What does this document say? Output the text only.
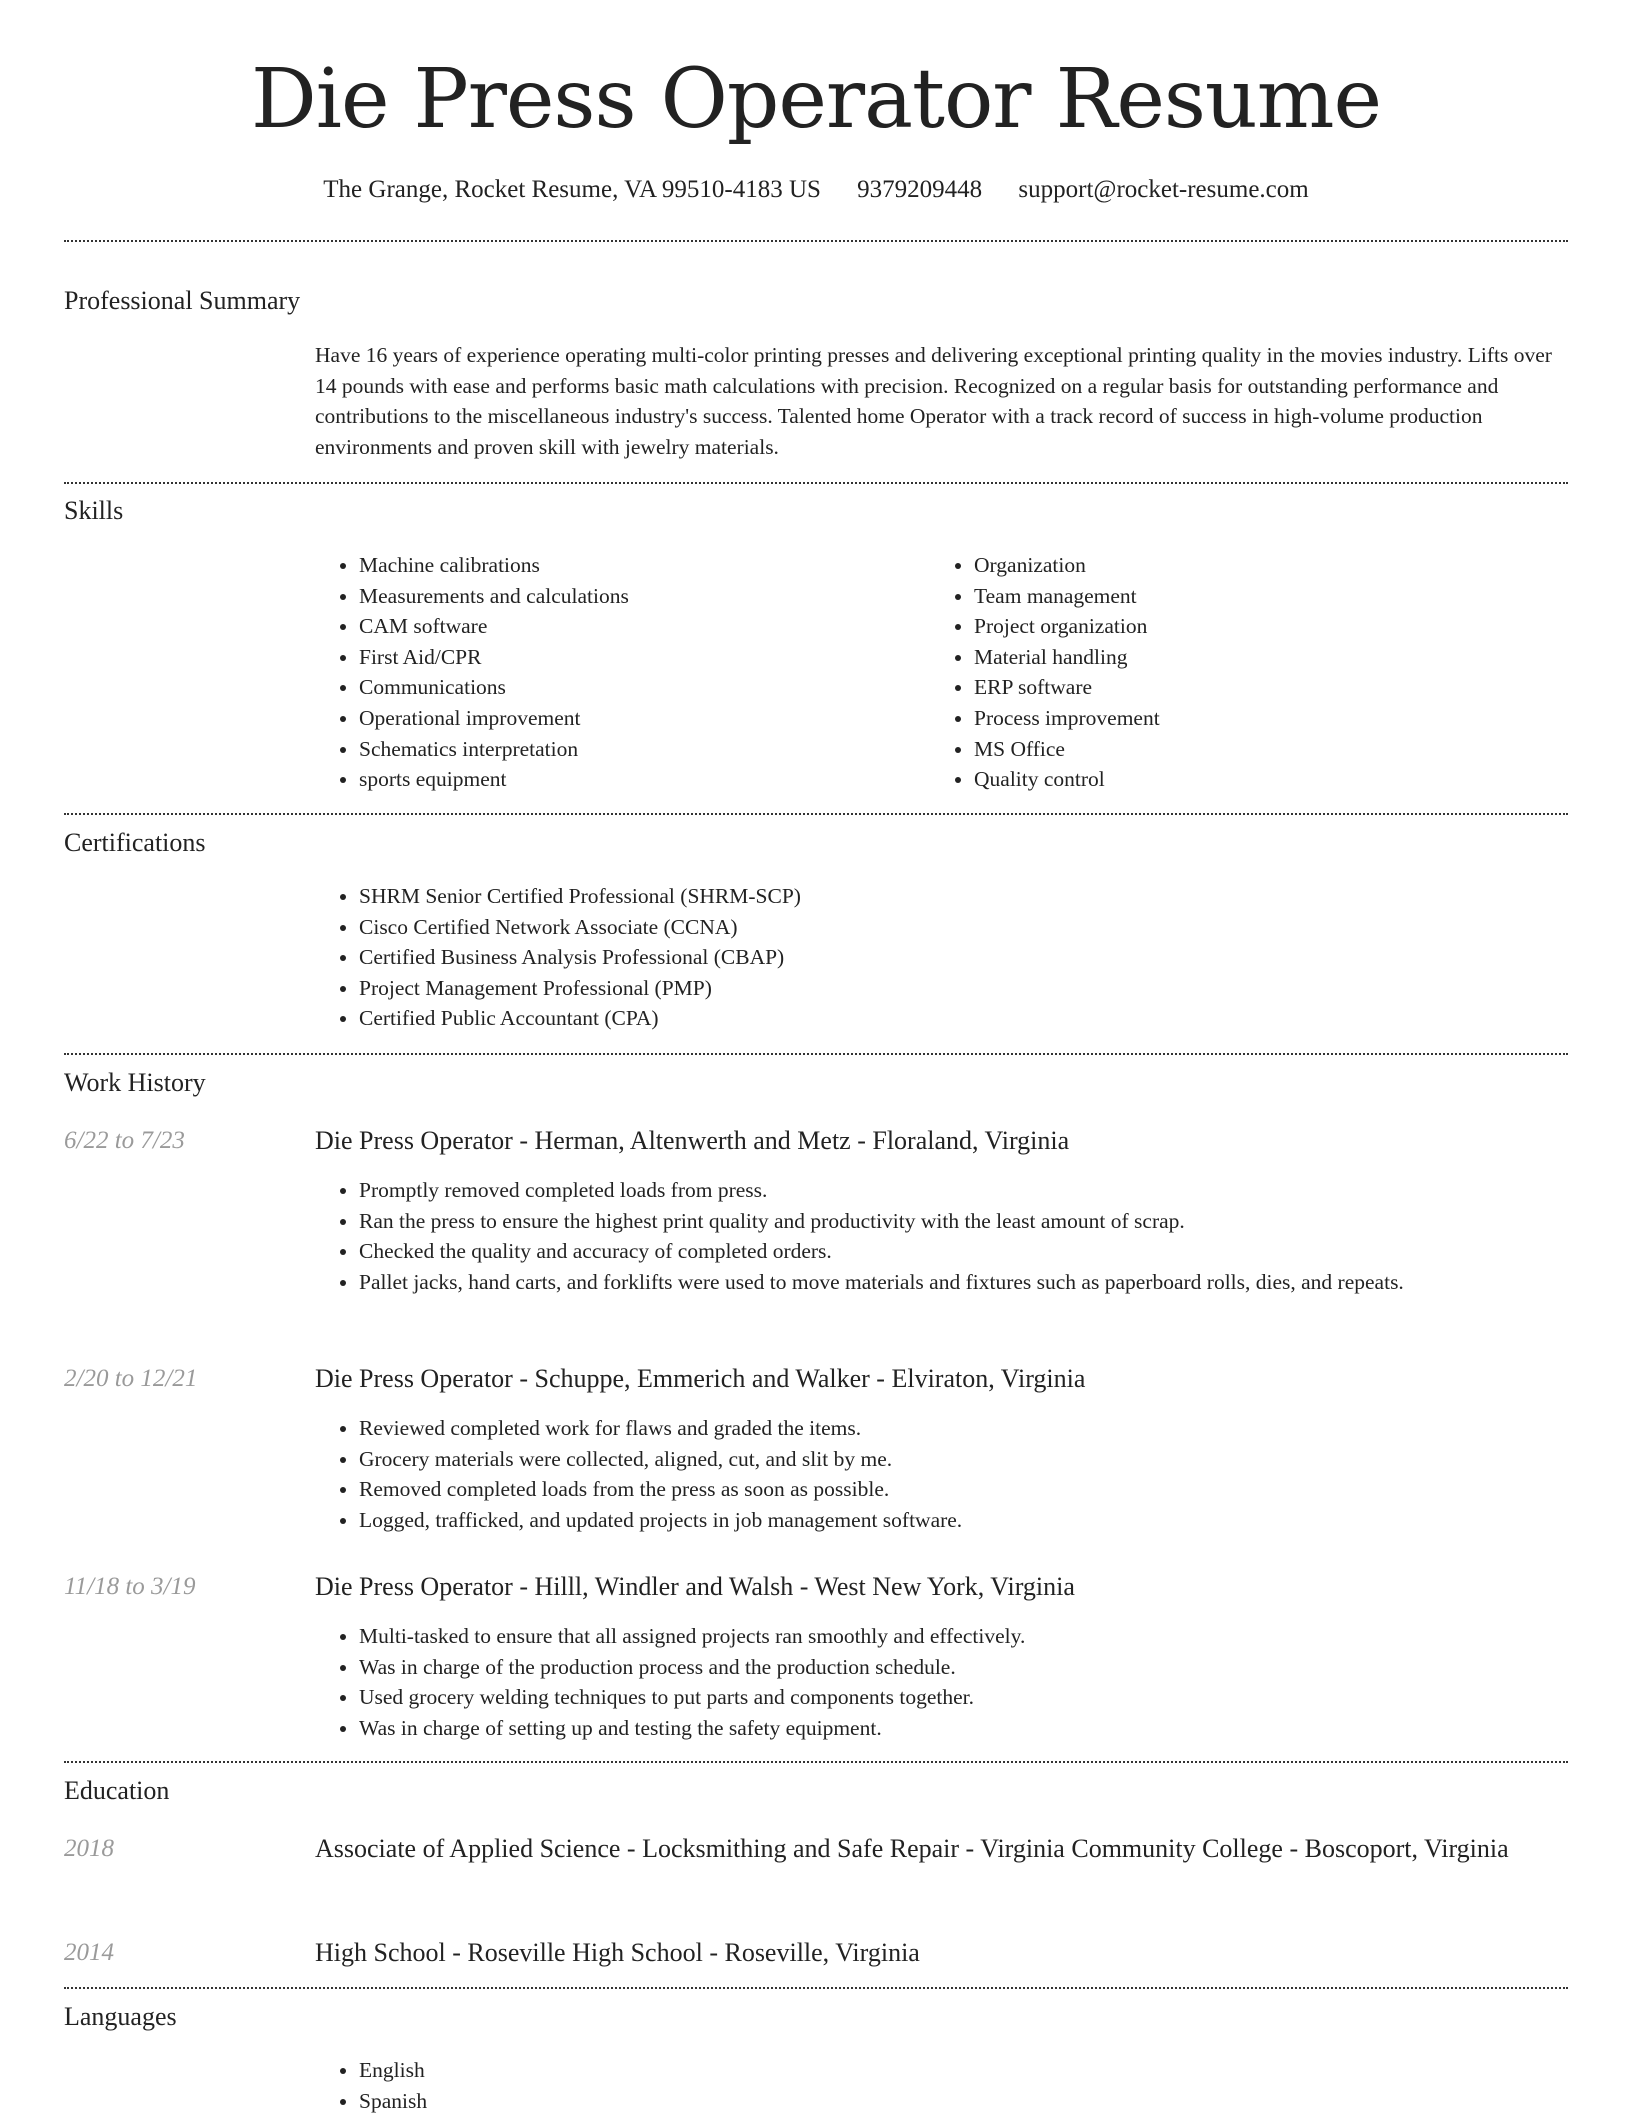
Die Press Operator Resume
The Grange, Rocket Resume, VA 99510-4183 US 9379209448 support@rocket-resume.com
Professional Summary
Have 16 years of experience operating multi-color printing presses and delivering exceptional printing quality in the movies industry. Lifts over 14 pounds with ease and performs basic math calculations with precision. Recognized on a regular basis for outstanding performance and contributions to the miscellaneous industry's success. Talented home Operator with a track record of success in high-volume production environments and proven skill with jewelry materials.
Skills
• Machine calibrations
• Measurements and calculations
• CAM software
• First Aid/CPR
• Communications
• Operational improvement
• Schematics interpretation
• sports equipment
• Organization
• Team management
• Project organization
• Material handling
• ERP software
• Process improvement
• MS Office
• Quality control
Certifications
• SHRM Senior Certified Professional (SHRM-SCP)
• Cisco Certified Network Associate (CCNA)
• Certified Business Analysis Professional (CBAP)
• Project Management Professional (PMP)
• Certified Public Accountant (CPA)
Work History
6/22 to 7/23	Die Press Operator - Herman, Altenwerth and Metz - Floraland, Virginia
• Promptly removed completed loads from press.
• Ran the press to ensure the highest print quality and productivity with the least amount of scrap.
• Checked the quality and accuracy of completed orders.
• Pallet jacks, hand carts, and forklifts were used to move materials and fixtures such as paperboard rolls, dies, and repeats.
2/20 to 12/21	Die Press Operator - Schuppe, Emmerich and Walker - Elviraton, Virginia
• Reviewed completed work for flaws and graded the items.
• Grocery materials were collected, aligned, cut, and slit by me.
• Removed completed loads from the press as soon as possible.
• Logged, trafficked, and updated projects in job management software.
11/18 to 3/19	Die Press Operator - Hilll, Windler and Walsh - West New York, Virginia
• Multi-tasked to ensure that all assigned projects ran smoothly and effectively.
• Was in charge of the production process and the production schedule.
• Used grocery welding techniques to put parts and components together.
• Was in charge of setting up and testing the safety equipment.
Education
2018	Associate of Applied Science - Locksmithing and Safe Repair - Virginia Community College - Boscoport, Virginia
2014	High School - Roseville High School - Roseville, Virginia
Languages
• English
• Spanish
